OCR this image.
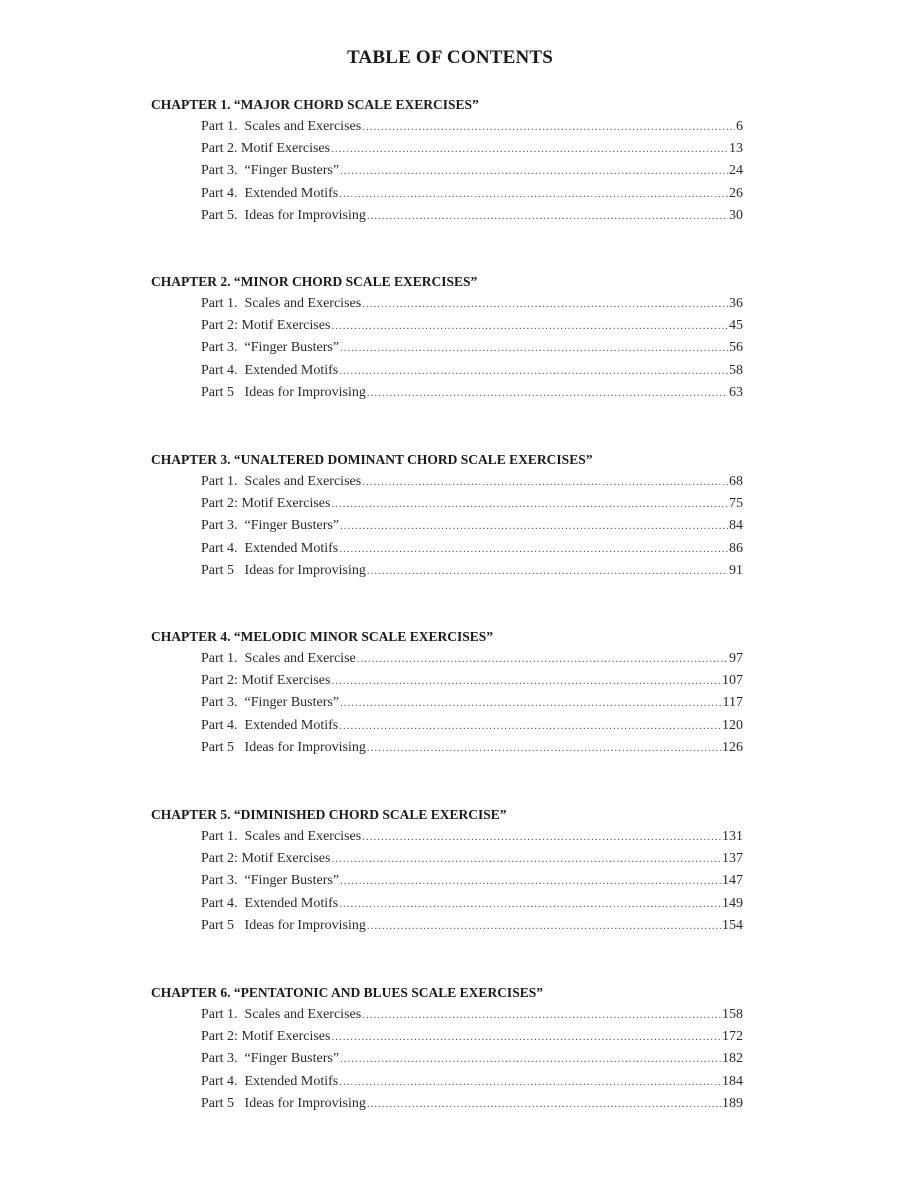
TABLE OF CONTENTS
CHAPTER 1. “MAJOR CHORD SCALE EXERCISES”
Part 1.  Scales and Exercises .....	6
Part 2. Motif Exercises .....	13
Part 3.  “Finger Busters” .....	24
Part 4.  Extended Motifs .....	26
Part 5.  Ideas for Improvising .....	30
CHAPTER 2. “MINOR CHORD SCALE EXERCISES”
Part 1.  Scales and Exercises .....	36
Part 2: Motif Exercises .....	45
Part 3.  “Finger Busters” .....	56
Part 4.  Extended Motifs .....	58
Part 5   Ideas for Improvising .....	63
CHAPTER 3. “UNALTERED DOMINANT CHORD SCALE EXERCISES”
Part 1.  Scales and Exercises .....	68
Part 2: Motif Exercises .....	75
Part 3.  “Finger Busters” .....	84
Part 4.  Extended Motifs .....	86
Part 5   Ideas for Improvising .....	91
CHAPTER 4. “MELODIC MINOR SCALE EXERCISES”
Part 1.  Scales and Exercise .....	97
Part 2: Motif Exercises .....	107
Part 3.  “Finger Busters” .....	117
Part 4.  Extended Motifs .....	120
Part 5   Ideas for Improvising .....	126
CHAPTER 5. “DIMINISHED CHORD SCALE EXERCISE”
Part 1.  Scales and Exercises .....	131
Part 2: Motif Exercises .....	137
Part 3.  “Finger Busters” .....	147
Part 4.  Extended Motifs .....	149
Part 5   Ideas for Improvising .....	154
CHAPTER 6. “PENTATONIC AND BLUES SCALE EXERCISES”
Part 1.  Scales and Exercises .....	158
Part 2: Motif Exercises .....	172
Part 3.  “Finger Busters” .....	182
Part 4.  Extended Motifs .....	184
Part 5   Ideas for Improvising .....	189
